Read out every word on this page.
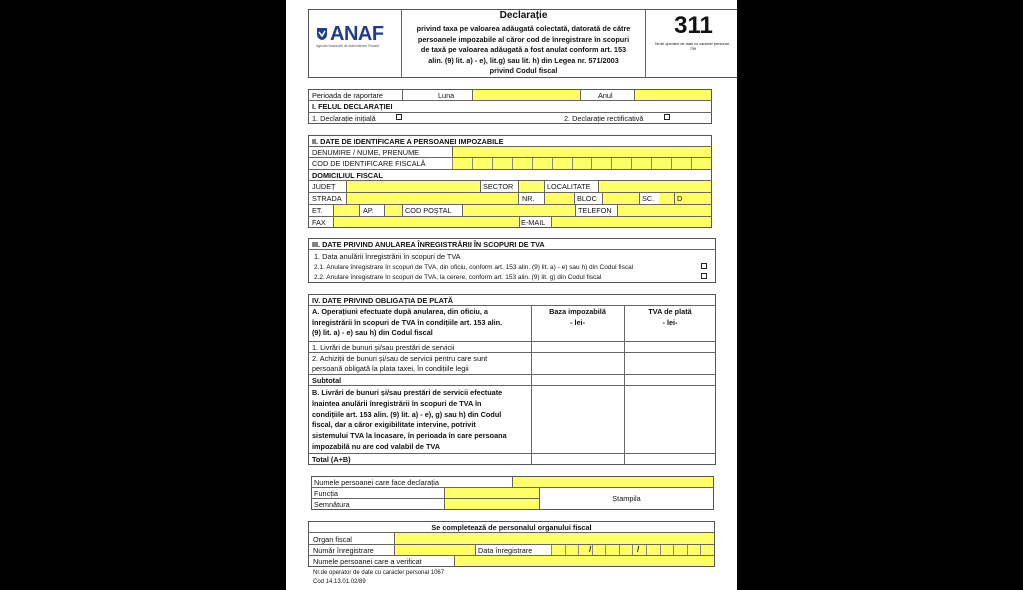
ANAF
Agenția Națională de Administrare Fiscală
Declarație
privind taxa pe valoarea adăugată colectată, datorată de către
persoanele impozabile al căror cod de înregistrare în scopuri
de taxă pe valoarea adăugată a fost anulat conform art. 153
alin. (9) lit. a) - e), lit.g) sau lit. h) din Legea nr. 571/2003
privind Codul fiscal
311
Nr.de operator de date cu caracter personal - 759
Perioada de raportare	Luna	Anul
I. FELUL DECLARAȚIEI
1. Declarație inițială	2. Declarație rectificativă
II. DATE DE IDENTIFICARE A PERSOANEI IMPOZABILE
DENUMIRE / NUME, PRENUME
COD DE IDENTIFICARE FISCALĂ
DOMICILIUL FISCAL
JUDEȚ	SECTOR	LOCALITATE
STRADA	NR.	BLOC	SC.	D
ET.	AP.	COD POȘTAL	TELEFON
FAX	E-MAIL
III. DATE PRIVIND ANULAREA ÎNREGISTRĂRII ÎN SCOPURI DE TVA
1. Data anulării înregistrării în scopuri de TVA
2.1. Anulare înregistrare în scopuri de TVA, din oficiu, conform art. 153 alin. (9) lit. a) - e) sau h) din Codul fiscal
2.2. Anulare înregistrare în scopuri de TVA, la cerere, conform art. 153 alin. (9) lit. g) din Codul fiscal
IV. DATE PRIVIND OBLIGAȚIA DE PLATĂ
A. Operațiuni efectuate după anularea, din oficiu, a
înregistrării în scopuri de TVA în condițiile art. 153 alin.
(9) lit. a) - e) sau h) din Codul fiscal
Baza impozabilă
- lei-
TVA de plată
- lei-
1. Livrări de bunuri și/sau prestări de servicii
2. Achiziții de bunuri și/sau de servicii pentru care sunt
persoană obligată la plata taxei, în condițiile legii
Subtotal
B. Livrări de bunuri și/sau prestări de servicii efectuate
înaintea anulării înregistrării în scopuri de TVA în
condițiile art. 153 alin. (9) lit. a) - e), g) sau h) din Codul
fiscal, dar a căror exigibilitate intervine, potrivit
sistemului TVA la încasare, în perioada în care persoana
impozabilă nu are cod valabil de TVA
Total (A+B)
Numele persoanei care face declarația
Funcția
Semnătura
Ștampila
/	/
Se completează de personalul organului fiscal
Organ fiscal
Număr înregistrare	Data înregistrare
Numele persoanei care a verificat
Nr.de operator de date cu caracter personal 1067
Cod 14.13.01.02/89
